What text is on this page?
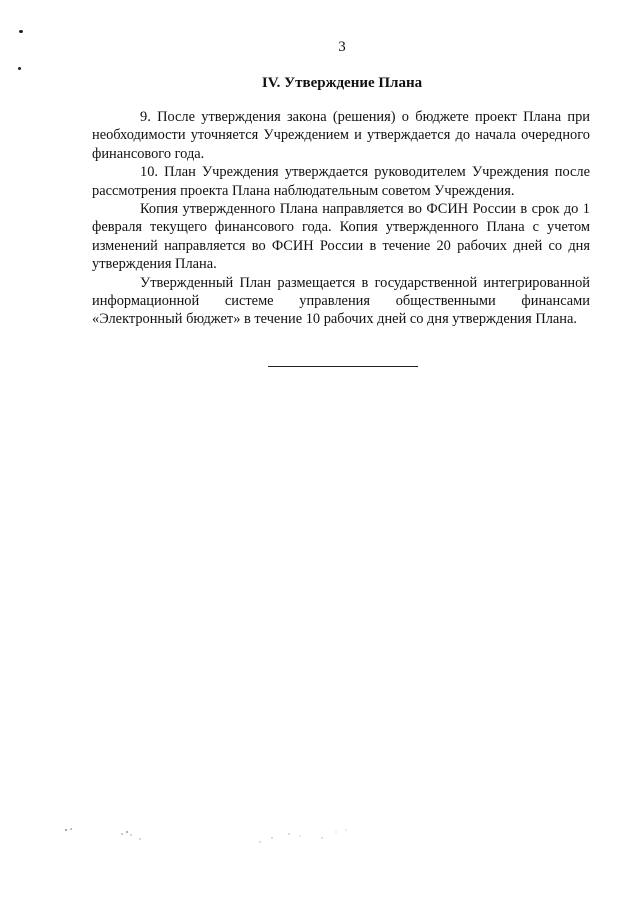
3
IV. Утверждение Плана

9. После утверждения закона (решения) о бюджете проект Плана при необходимости уточняется Учреждением и утверждается до начала очередного финансового года.

10. План Учреждения утверждается руководителем Учреждения после рассмотрения проекта Плана наблюдательным советом Учреждения.

Копия утвержденного Плана направляется во ФСИН России в срок до 1 февраля текущего финансового года. Копия утвержденного Плана с учетом изменений направляется во ФСИН России в течение 20 рабочих дней со дня утверждения Плана.

Утвержденный План размещается в государственной интегрированной информационной системе управления общественными финансами «Электронный бюджет» в течение 10 рабочих дней со дня утверждения Плана.
